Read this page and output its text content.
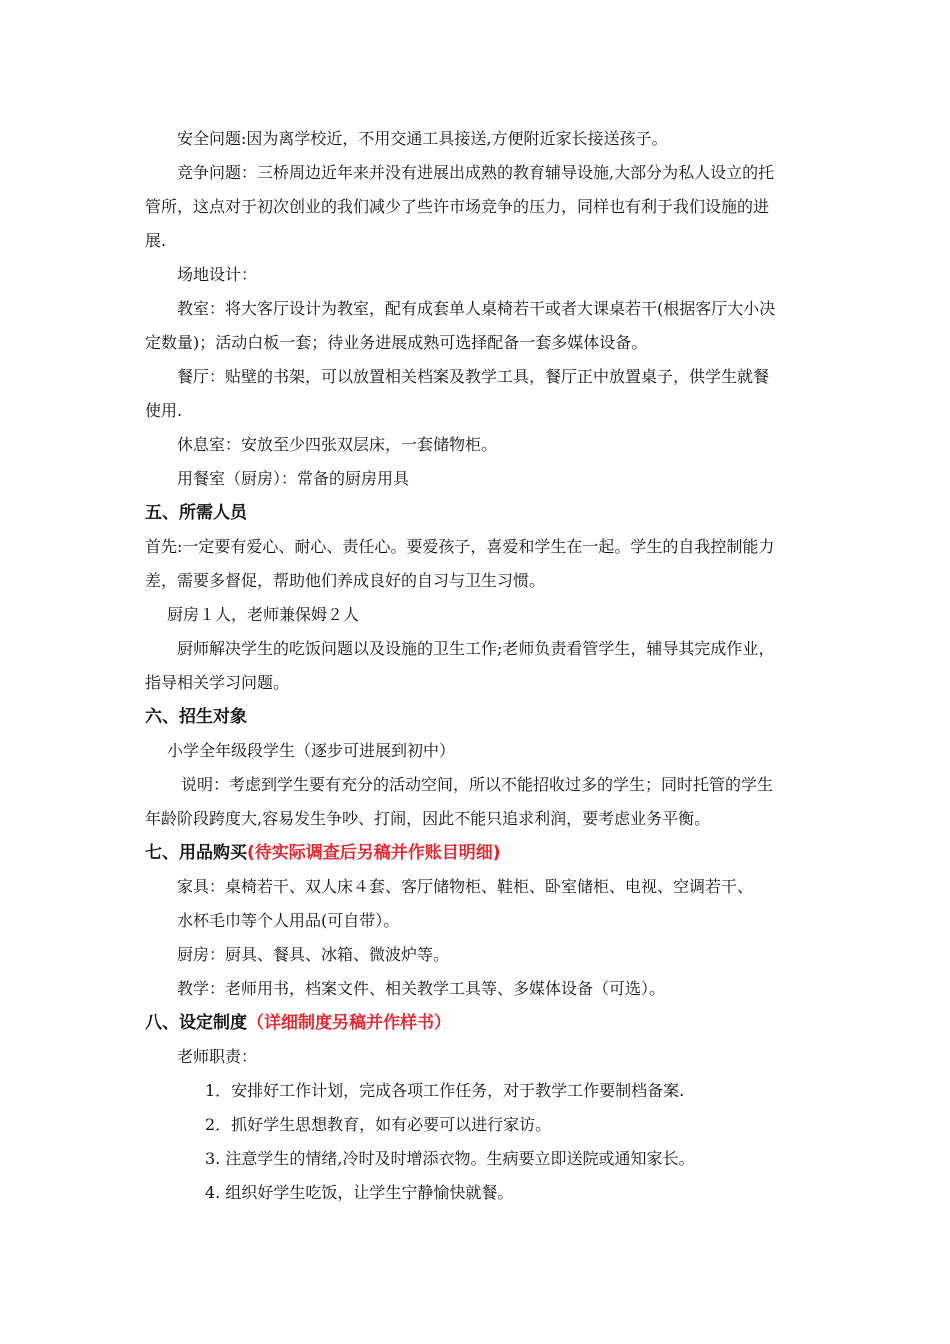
安全问题:因为离学校近，不用交通工具接送,方便附近家长接送孩子。

竞争问题：三桥周边近年来并没有进展出成熟的教育辅导设施,大部分为私人设立的托

管所，这点对于初次创业的我们减少了些许市场竞争的压力，同样也有利于我们设施的进

展.

场地设计：

教室：将大客厅设计为教室，配有成套单人桌椅若干或者大课桌若干(根据客厅大小决

定数量)；活动白板一套；待业务进展成熟可选择配备一套多媒体设备。

餐厅：贴壁的书架，可以放置相关档案及教学工具，餐厅正中放置桌子，供学生就餐

使用.

休息室：安放至少四张双层床，一套储物柜。

用餐室（厨房）：常备的厨房用具

五、所需人员

首先:一定要有爱心、耐心、责任心。要爱孩子，喜爱和学生在一起。学生的自我控制能力

差，需要多督促，帮助他们养成良好的自习与卫生习惯。

厨房１人，老师兼保姆２人

厨师解决学生的吃饭问题以及设施的卫生工作;老师负责看管学生，辅导其完成作业，

指导相关学习问题。

六、招生对象

小学全年级段学生（逐步可进展到初中）

说明：考虑到学生要有充分的活动空间，所以不能招收过多的学生；同时托管的学生

年龄阶段跨度大,容易发生争吵、打闹，因此不能只追求利润，要考虑业务平衡。

七、用品购买(待实际调查后另稿并作账目明细)

家具：桌椅若干、双人床４套、客厅储物柜、鞋柜、卧室储柜、电视、空调若干、

水杯毛巾等个人用品(可自带）。

厨房：厨具、餐具、冰箱、微波炉等。

教学：老师用书，档案文件、相关教学工具等、多媒体设备（可选）。

八、设定制度（详细制度另稿并作样书）

老师职责：

1．安排好工作计划，完成各项工作任务，对于教学工作要制档备案.

2．抓好学生思想教育，如有必要可以进行家访。

3. 注意学生的情绪,冷时及时增添衣物。生病要立即送院或通知家长。

4. 组织好学生吃饭，让学生宁静愉快就餐。
